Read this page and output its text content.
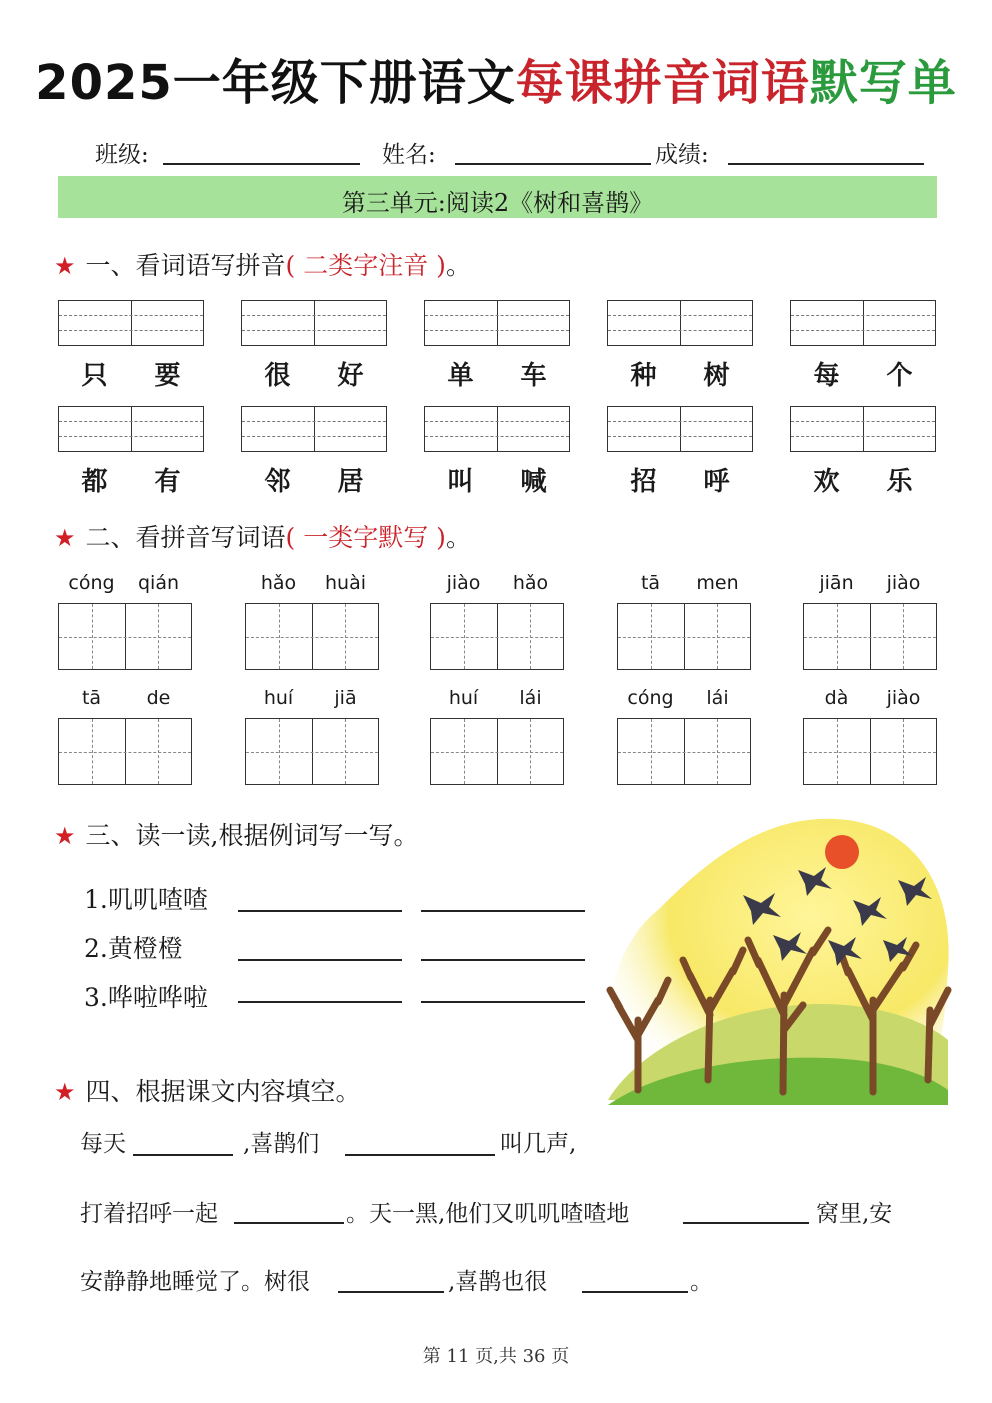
2025一年级下册语文每课拼音词语默写单
班级:	姓名:	成绩:
第三单元:阅读2《树和喜鹊》
★ 一、看词语写拼音( 二类字注音 )。
只	要	很	好	单	车	种	树	每	个
都	有	邻	居	叫	喊	招	呼	欢	乐
★ 二、看拼音写词语( 一类字默写 )。
cóng	qián	hǎo	huài	jiào	hǎo	tā	men	jiān	jiào
tā	de	huí	jiā	huí	lái	cóng	lái	dà	jiào
★ 三、读一读,根据例词写一写。
1.叽叽喳喳
2.黄橙橙
3.哗啦哗啦
★ 四、根据课文内容填空。
每天	,喜鹊们	叫几声,
打着招呼一起	。天一黑,他们又叽叽喳喳地	窝里,安
安静静地睡觉了。树很	,喜鹊也很	。
第 11 页,共 36 页
